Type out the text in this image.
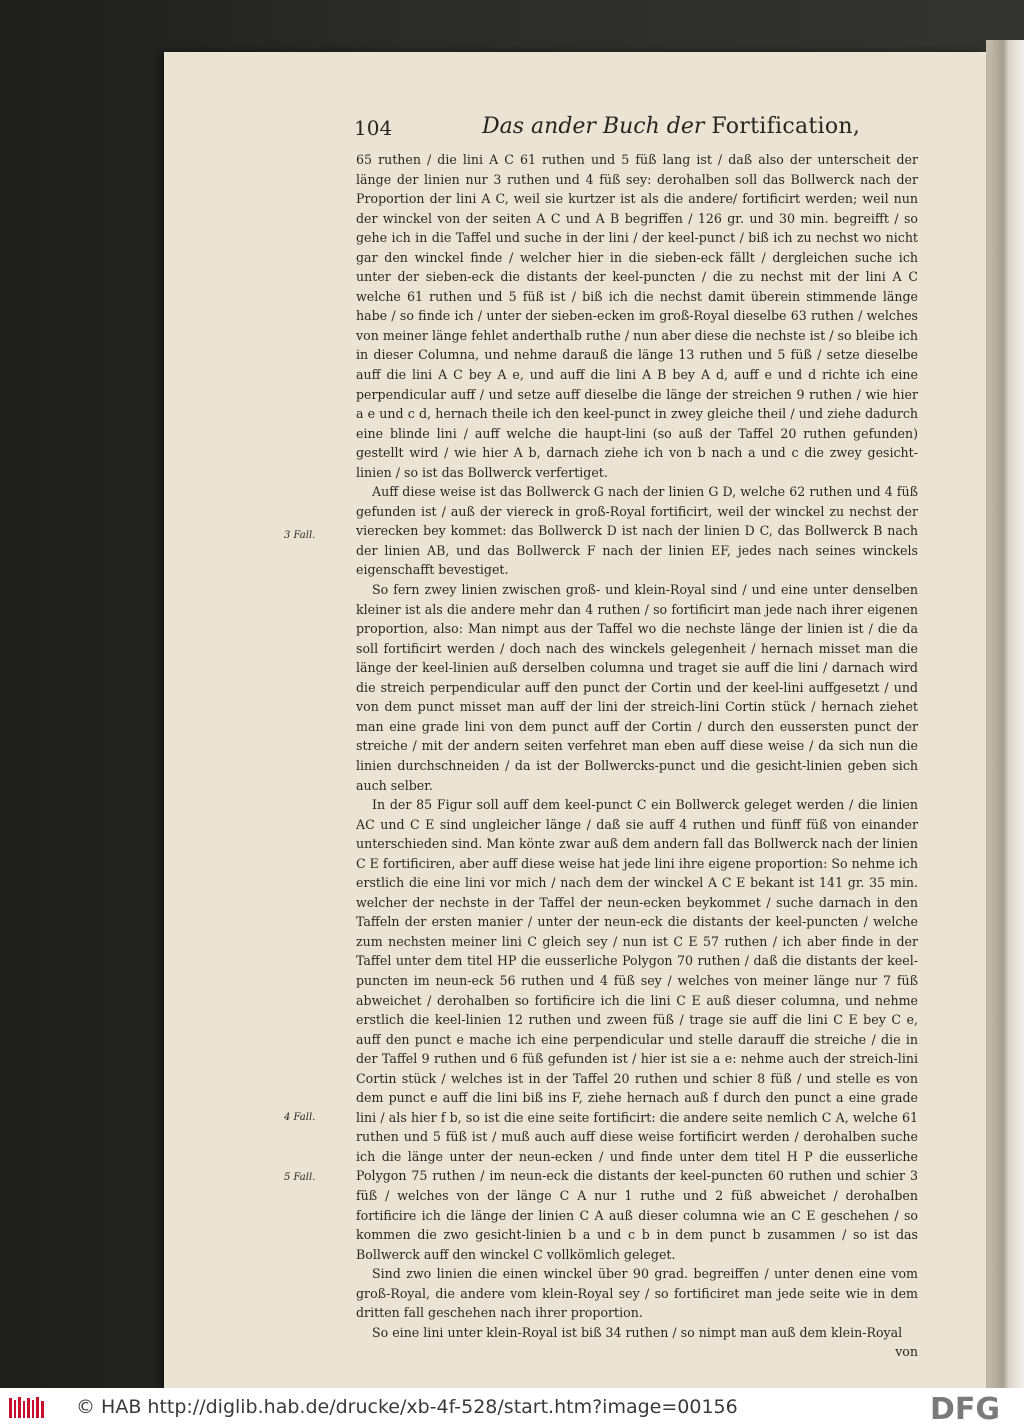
104	Das ander Buch der Fortification,

65 ruthen / die lini A C 61 ruthen und 5 füß lang ist / daß also der unterscheit der länge der linien nur 3 ruthen und 4 füß sey: derohalben soll das Bollwerck nach der Proportion der lini A C, weil sie kurtzer ist als die andere/ fortificirt werden; weil nun der winckel von der seiten A C und A B begriffen / 126 gr. und 30 min. begreifft / so gehe ich in die Taffel und suche in der lini / der keel-punct / biß ich zu nechst wo nicht gar den winckel finde / welcher hier in die sieben-eck fällt / dergleichen suche ich unter der sieben-eck die distants der keel-puncten / die zu nechst mit der lini A C welche 61 ruthen und 5 füß ist / biß ich die nechst damit überein stimmende länge habe / so finde ich / unter der sieben-ecken im groß-Royal dieselbe 63 ruthen / welches von meiner länge fehlet anderthalb ruthe / nun aber diese die nechste ist / so bleibe ich in dieser Columna, und nehme darauß die länge 13 ruthen und 5 füß / setze dieselbe auff die lini A C bey A e, und auff die lini A B bey A d, auff e und d richte ich eine perpendicular auff / und setze auff dieselbe die länge der streichen 9 ruthen / wie hier a e und c d, hernach theile ich den keel-punct in zwey gleiche theil / und ziehe dadurch eine blinde lini / auff welche die haupt-lini (so auß der Taffel 20 ruthen gefunden) gestellt wird / wie hier A b, darnach ziehe ich von b nach a und c die zwey gesicht-linien / so ist das Bollwerck verfertiget.

Auff diese weise ist das Bollwerck G nach der linien G D, welche 62 ruthen und 4 füß gefunden ist / auß der viereck in groß-Royal fortificirt, weil der winckel zu nechst der vierecken bey kommet: das Bollwerck D ist nach der linien D C, das Bollwerck B nach der linien AB, und das Bollwerck F nach der linien EF, jedes nach seines winckels eigenschafft bevestiget.

So fern zwey linien zwischen groß- und klein-Royal sind / und eine unter denselben kleiner ist als die andere mehr dan 4 ruthen / so fortificirt man jede nach ihrer eigenen proportion, also: Man nimpt aus der Taffel wo die nechste länge der linien ist / die da soll fortificirt werden / doch nach des winckels gelegenheit / hernach misset man die länge der keel-linien auß derselben columna und traget sie auff die lini / darnach wird die streich perpendicular auff den punct der Cortin und der keel-lini auffgesetzt / und von dem punct misset man auff der lini der streich-lini Cortin stück / hernach ziehet man eine grade lini von dem punct auff der Cortin / durch den eussersten punct der streiche / mit der andern seiten verfehret man eben auff diese weise / da sich nun die linien durchschneiden / da ist der Bollwercks-punct und die gesicht-linien geben sich auch selber.

In der 85 Figur soll auff dem keel-punct C ein Bollwerck geleget werden / die linien AC und C E sind ungleicher länge / daß sie auff 4 ruthen und fünff füß von einander unterschieden sind. Man könte zwar auß dem andern fall das Bollwerck nach der linien C E fortificiren, aber auff diese weise hat jede lini ihre eigene proportion: So nehme ich erstlich die eine lini vor mich / nach dem der winckel A C E bekant ist 141 gr. 35 min. welcher der nechste in der Taffel der neun-ecken beykommet / suche darnach in den Taffeln der ersten manier / unter der neun-eck die distants der keel-puncten / welche zum nechsten meiner lini C gleich sey / nun ist C E 57 ruthen / ich aber finde in der Taffel unter dem titel HP die eusserliche Polygon 70 ruthen / daß die distants der keel-puncten im neun-eck 56 ruthen und 4 füß sey / welches von meiner länge nur 7 füß abweichet / derohalben so fortificire ich die lini C E auß dieser columna, und nehme erstlich die keel-linien 12 ruthen und zween füß / trage sie auff die lini C E bey C e, auff den punct e mache ich eine perpendicular und stelle darauff die streiche / die in der Taffel 9 ruthen und 6 füß gefunden ist / hier ist sie a e: nehme auch der streich-lini Cortin stück / welches ist in der Taffel 20 ruthen und schier 8 füß / und stelle es von dem punct e auff die lini biß ins F, ziehe hernach auß f durch den punct a eine grade lini / als hier f b, so ist die eine seite fortificirt: die andere seite nemlich C A, welche 61 ruthen und 5 füß ist / muß auch auff diese weise fortificirt werden / derohalben suche ich die länge unter der neun-ecken / und finde unter dem titel H P die eusserliche Polygon 75 ruthen / im neun-eck die distants der keel-puncten 60 ruthen und schier 3 füß / welches von der länge C A nur 1 ruthe und 2 füß abweichet / derohalben fortificire ich die länge der linien C A auß dieser columna wie an C E geschehen / so kommen die zwo gesicht-linien b a und c b in dem punct b zusammen / so ist das Bollwerck auff den winckel C vollkömlich geleget.

Sind zwo linien die einen winckel über 90 grad. begreiffen / unter denen eine vom groß-Royal, die andere vom klein-Royal sey / so fortificiret man jede seite wie in dem dritten fall geschehen nach ihrer proportion.

So eine lini unter klein-Royal ist biß 34 ruthen / so nimpt man auß dem klein-Royal

von

3 Fall.
4 Fall.
5 Fall.
© HAB http://diglib.hab.de/drucke/xb-4f-528/start.htm?image=00156	DFG
